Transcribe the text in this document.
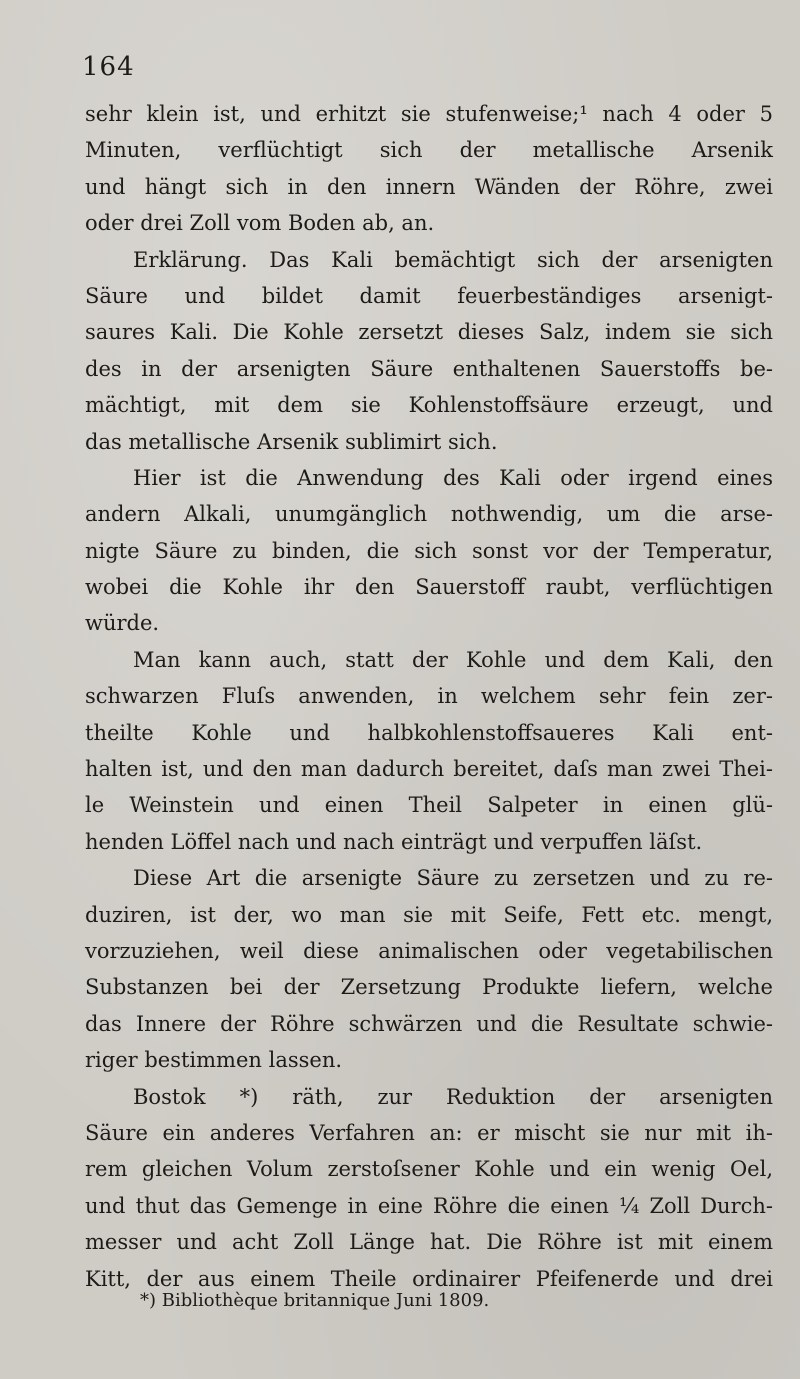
164
sehr klein ist, und erhitzt sie stufenweise;¹ nach 4 oder 5
Minuten, verflüchtigt sich der metallische Arsenik
und hängt sich in den innern Wänden der Röhre, zwei
oder drei Zoll vom Boden ab, an.
Erklärung. Das Kali bemächtigt sich der arsenigten
Säure und bildet damit feuerbeständiges arsenigt-
saures Kali. Die Kohle zersetzt dieses Salz, indem sie sich
des in der arsenigten Säure enthaltenen Sauerstoffs be-
mächtigt, mit dem sie Kohlenstoffsäure erzeugt, und
das metallische Arsenik sublimirt sich.
Hier ist die Anwendung des Kali oder irgend eines
andern Alkali, unumgänglich nothwendig, um die arse-
nigte Säure zu binden, die sich sonst vor der Temperatur,
wobei die Kohle ihr den Sauerstoff raubt, verflüchtigen
würde.
Man kann auch, statt der Kohle und dem Kali, den
schwarzen Fluſs anwenden, in welchem sehr fein zer-
theilte Kohle und halbkohlenstoffsaueres Kali ent-
halten ist, und den man dadurch bereitet, daſs man zwei Thei-
le Weinstein und einen Theil Salpeter in einen glü-
henden Löffel nach und nach einträgt und verpuffen läſst.
Diese Art die arsenigte Säure zu zersetzen und zu re-
duziren, ist der, wo man sie mit Seife, Fett etc. mengt,
vorzuziehen, weil diese animalischen oder vegetabilischen
Substanzen bei der Zersetzung Produkte liefern, welche
das Innere der Röhre schwärzen und die Resultate schwie-
riger bestimmen lassen.
Bostok *) räth, zur Reduktion der arsenigten
Säure ein anderes Verfahren an: er mischt sie nur mit ih-
rem gleichen Volum zerstoſsener Kohle und ein wenig Oel,
und thut das Gemenge in eine Röhre die einen ¼ Zoll Durch-
messer und acht Zoll Länge hat. Die Röhre ist mit einem
Kitt, der aus einem Theile ordinairer Pfeifenerde und drei
*) Bibliothèque britannique Juni 1809.
